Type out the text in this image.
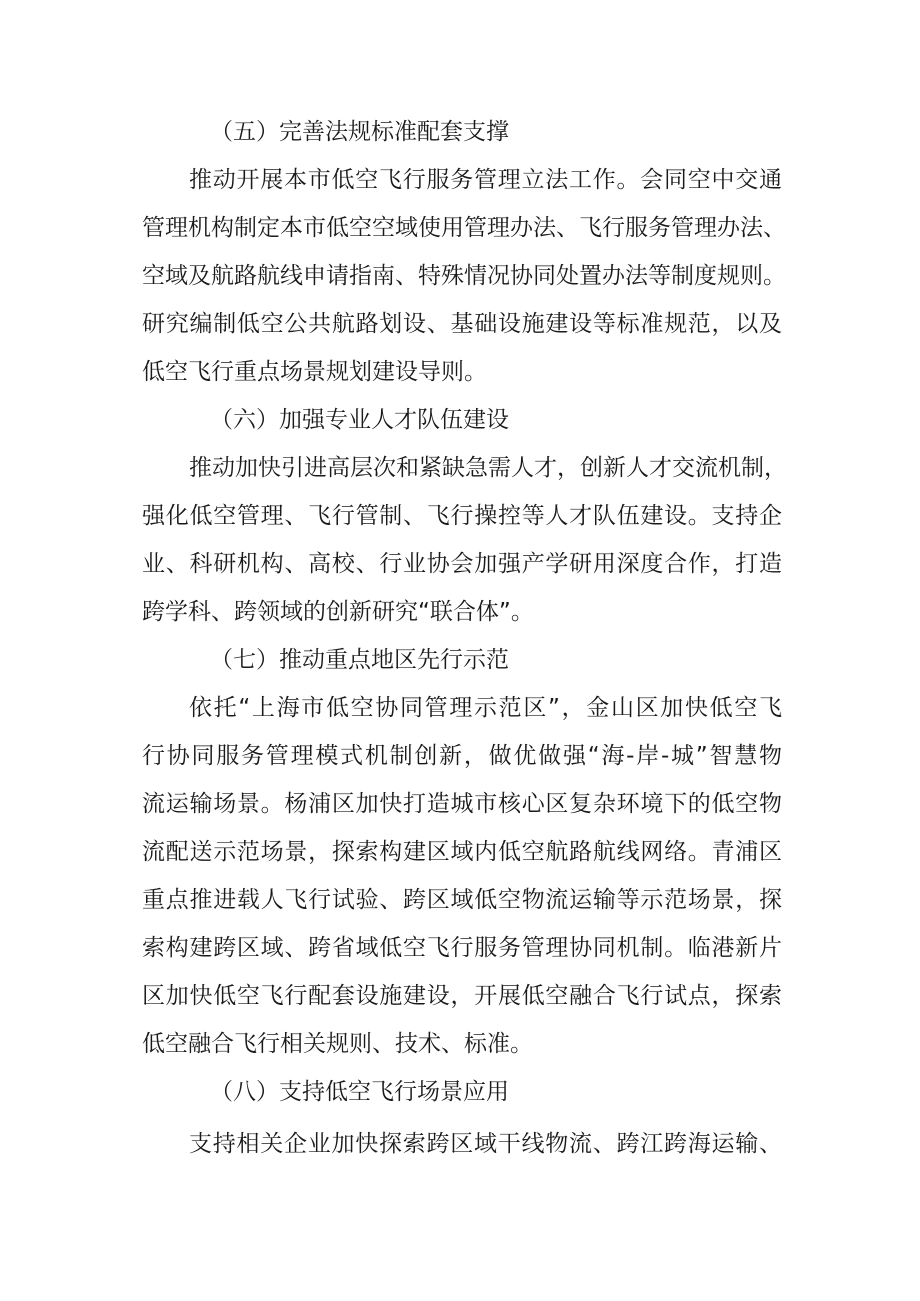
（五）完善法规标准配套支撑
推动开展本市低空飞行服务管理立法工作。会同空中交通
管理机构制定本市低空空域使用管理办法、飞行服务管理办法、
空域及航路航线申请指南、特殊情况协同处置办法等制度规则。
研究编制低空公共航路划设、基础设施建设等标准规范，以及
低空飞行重点场景规划建设导则。
（六）加强专业人才队伍建设
推动加快引进高层次和紧缺急需人才，创新人才交流机制，
强化低空管理、飞行管制、飞行操控等人才队伍建设。支持企
业、科研机构、高校、行业协会加强产学研用深度合作，打造
跨学科、跨领域的创新研究“联合体”。
（七）推动重点地区先行示范
依托“上海市低空协同管理示范区”，金山区加快低空飞
行协同服务管理模式机制创新，做优做强“海-岸-城”智慧物
流运输场景。杨浦区加快打造城市核心区复杂环境下的低空物
流配送示范场景，探索构建区域内低空航路航线网络。青浦区
重点推进载人飞行试验、跨区域低空物流运输等示范场景，探
索构建跨区域、跨省域低空飞行服务管理协同机制。临港新片
区加快低空飞行配套设施建设，开展低空融合飞行试点，探索
低空融合飞行相关规则、技术、标准。
（八）支持低空飞行场景应用
支持相关企业加快探索跨区域干线物流、跨江跨海运输、
